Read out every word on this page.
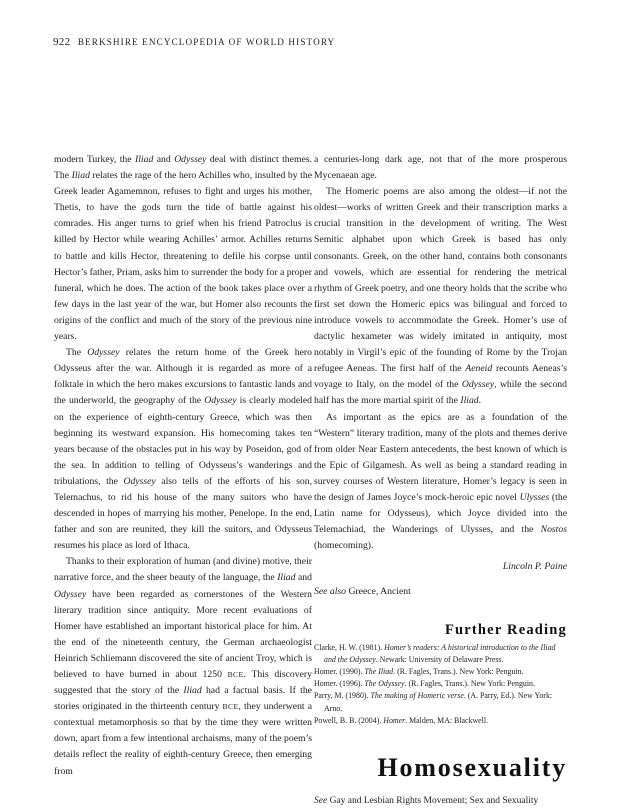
922 BERKSHIRE ENCYCLOPEDIA OF WORLD HISTORY

modern Turkey, the Iliad and Odyssey deal with distinct themes. The Iliad relates the rage of the hero Achilles who, insulted by the Greek leader Agamemnon, refuses to fight and urges his mother, Thetis, to have the gods turn the tide of battle against his comrades. His anger turns to grief when his friend Patroclus is killed by Hector while wearing Achilles’ armor. Achilles returns to battle and kills Hector, threatening to defile his corpse until Hector’s father, Priam, asks him to surrender the body for a proper funeral, which he does. The action of the book takes place over a few days in the last year of the war, but Homer also recounts the origins of the conflict and much of the story of the previous nine years.

The Odyssey relates the return home of the Greek hero Odysseus after the war. Although it is regarded as more of a folktale in which the hero makes excursions to fantastic lands and the underworld, the geography of the Odyssey is clearly modeled on the experience of eighth-century Greece, which was then beginning its westward expansion. His homecoming takes ten years because of the obstacles put in his way by Poseidon, god of the sea. In addition to telling of Odysseus’s wanderings and tribulations, the Odyssey also tells of the efforts of his son, Telemachus, to rid his house of the many suitors who have descended in hopes of marrying his mother, Penelope. In the end, father and son are reunited, they kill the suitors, and Odysseus resumes his place as lord of Ithaca.

Thanks to their exploration of human (and divine) motive, their narrative force, and the sheer beauty of the language, the Iliad and Odyssey have been regarded as cornerstones of the Western literary tradition since antiquity. More recent evaluations of Homer have established an important historical place for him. At the end of the nineteenth century, the German archaeologist Heinrich Schliemann discovered the site of ancient Troy, which is believed to have burned in about 1250 BCE. This discovery suggested that the story of the Iliad had a factual basis. If the stories originated in the thirteenth century BCE, they underwent a contextual metamorphosis so that by the time they were written down, apart from a few intentional archaisms, many of the poem’s details reflect the reality of eighth-century Greece, then emerging from

a centuries-long dark age, not that of the more prosperous Mycenaean age.

The Homeric poems are also among the oldest—if not the oldest—works of written Greek and their transcription marks a crucial transition in the development of writing. The West Semitic alphabet upon which Greek is based has only consonants. Greek, on the other hand, contains both consonants and vowels, which are essential for rendering the metrical rhythm of Greek poetry, and one theory holds that the scribe who first set down the Homeric epics was bilingual and forced to introduce vowels to accommodate the Greek. Homer’s use of dactylic hexameter was widely imitated in antiquity, most notably in Virgil’s epic of the founding of Rome by the Trojan refugee Aeneas. The first half of the Aeneid recounts Aeneas’s voyage to Italy, on the model of the Odyssey, while the second half has the more martial spirit of the Iliad.

As important as the epics are as a foundation of the “Western” literary tradition, many of the plots and themes derive from older Near Eastern antecedents, the best known of which is the Epic of Gilgamesh. As well as being a standard reading in survey courses of Western literature, Homer’s legacy is seen in the design of James Joyce’s mock-heroic epic novel Ulysses (the Latin name for Odysseus), which Joyce divided into the Telemachiad, the Wanderings of Ulysses, and the Nostos (homecoming).

Lincoln P. Paine

See also Greece, Ancient

Further Reading

Clarke, H. W. (1981). Homer’s readers: A historical introduction to the Iliad and the Odyssey. Newark: University of Delaware Press.

Homer. (1990). The Iliad. (R. Fagles, Trans.). New York: Penguin.

Homer. (1996). The Odyssey. (R. Fagles, Trans.). New York: Penguin.

Parry, M. (1980). The making of Homeric verse. (A. Parry, Ed.). New York: Arno.

Powell, B. B. (2004). Homer. Malden, MA: Blackwell.

Homosexuality

See Gay and Lesbian Rights Movement; Sex and Sexuality
